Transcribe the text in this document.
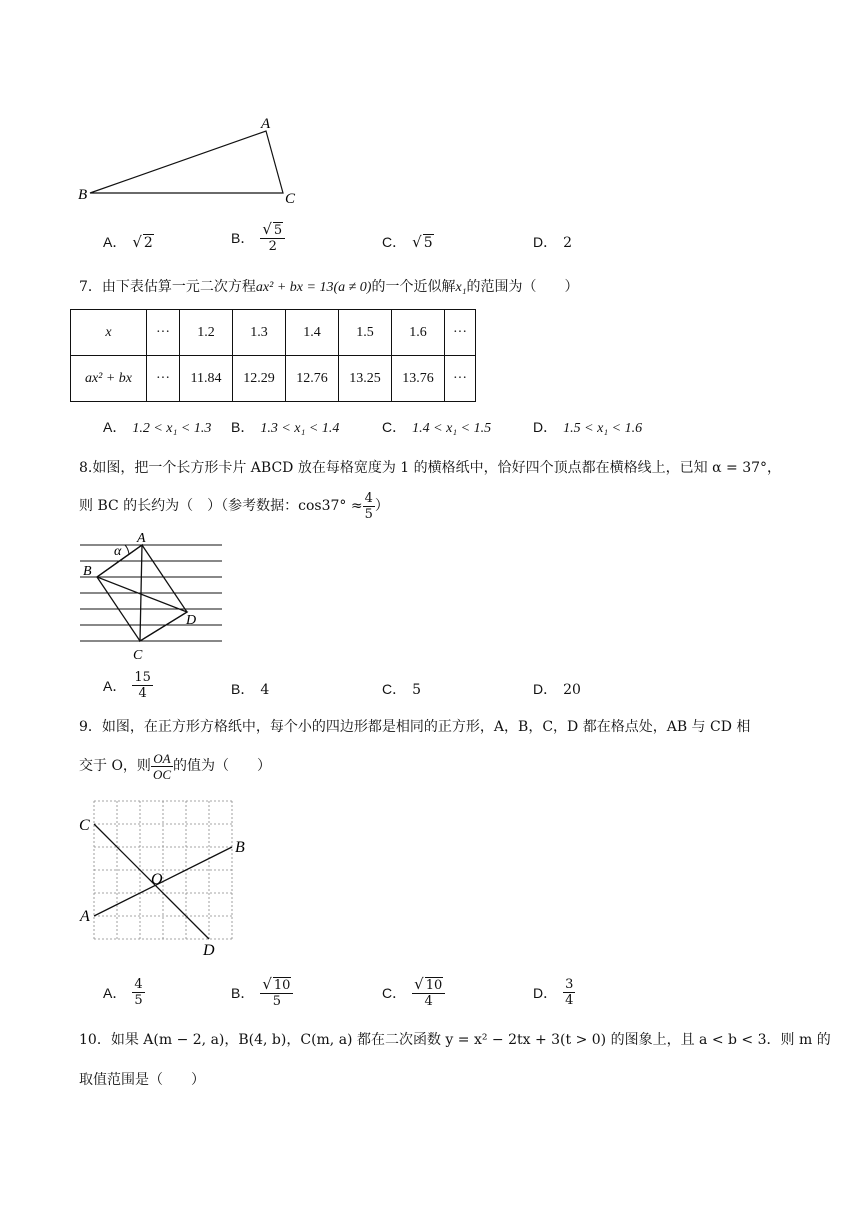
A
B	C
A． √ 2	B． $\frac{√ 5}{2}$	C． √ 5	D． 2
7．由下表估算一元二次方程ax² + bx = 13(a ≠ 0)的一个近似解x₁的范围为（　　）
x	···	1.2	1.3	1.4	1.5	1.6	···
ax² + bx	···	11.84	12.29	12.76	13.25	13.76	···
A． 1.2 < x₁ < 1.3 B． 1.3 < x₁ < 1.4	C． 1.4 < x₁ < 1.5	D． 1.5 < x₁ < 1.6
8.如图，把一个长方形卡片 ABCD 放在每格宽度为 1 的横格纸中，恰好四个顶点都在横格线上，已知 α = 37°，
则 BC 的长约为（　）（参考数据：$\cos 37^\circ \approx \frac{4}{5}$ ）
A
B
C
D
α
A． $\frac{15}{4}$	B． 4	C． 5	D． 20
9．如图，在正方形方格纸中，每个小的四边形都是相同的正方形，A，B，C，D 都在格点处，AB 与 CD 相
交于 O，则 $\frac{OA}{OC}$ 的值为（　　）
C
B
A
D
O
A． $\frac{4}{5}$	B． $\frac{√ 10}{5}$	C． $\frac{√ 10}{4}$	D． $\frac{3}{4}$
10．如果 A(m − 2, a)，B(4, b)，C(m, a) 都在二次函数 y = x² − 2tx + 3(t > 0) 的图象上，且 a < b < 3．则 m 的
取值范围是（　　）
